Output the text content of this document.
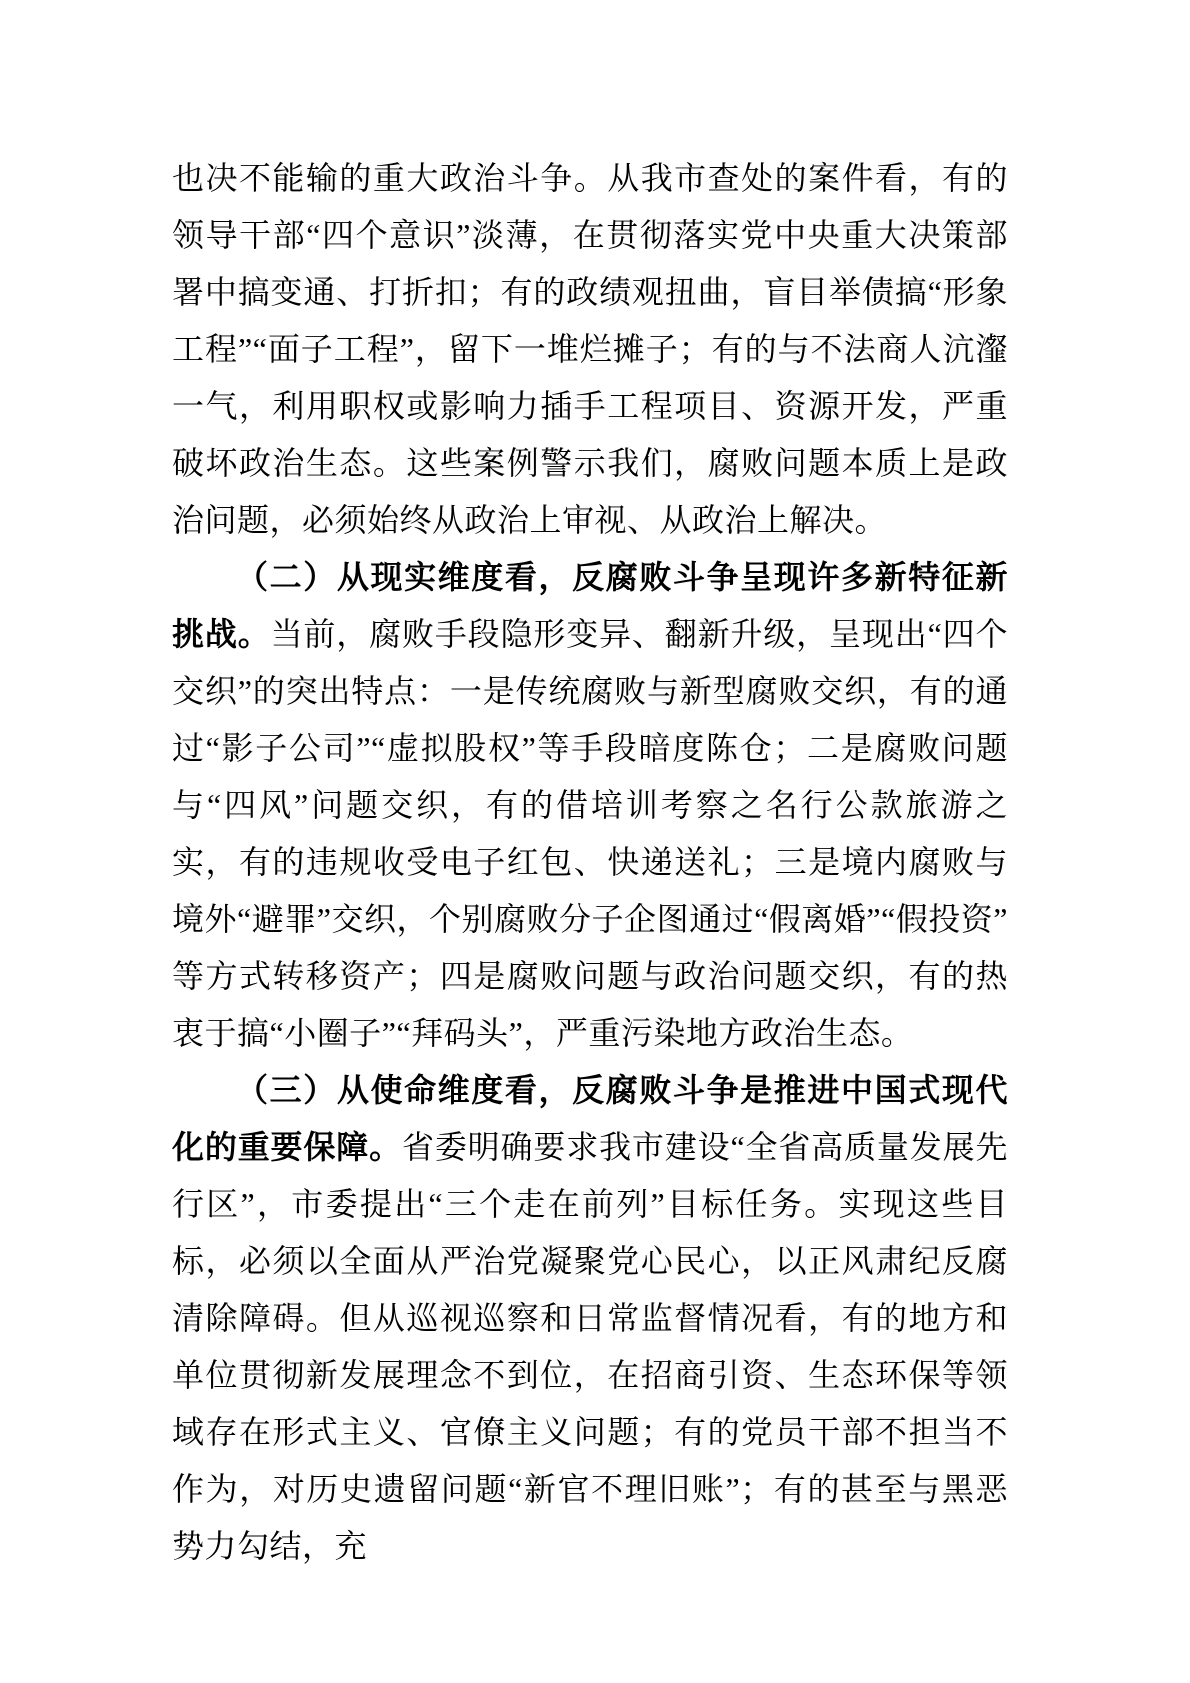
也决不能输的重大政治斗争。从我市查处的案件看，有的领导干部“四个意识”淡薄，在贯彻落实党中央重大决策部署中搞变通、打折扣；有的政绩观扭曲，盲目举债搞“形象工程”“面子工程”，留下一堆烂摊子；有的与不法商人沆瀣一气，利用职权或影响力插手工程项目、资源开发，严重破坏政治生态。这些案例警示我们，腐败问题本质上是政治问题，必须始终从政治上审视、从政治上解决。

（二）从现实维度看，反腐败斗争呈现许多新特征新挑战。当前，腐败手段隐形变异、翻新升级，呈现出“四个交织”的突出特点：一是传统腐败与新型腐败交织，有的通过“影子公司”“虚拟股权”等手段暗度陈仓；二是腐败问题与“四风”问题交织，有的借培训考察之名行公款旅游之实，有的违规收受电子红包、快递送礼；三是境内腐败与境外“避罪”交织，个别腐败分子企图通过“假离婚”“假投资”等方式转移资产；四是腐败问题与政治问题交织，有的热衷于搞“小圈子”“拜码头”，严重污染地方政治生态。

（三）从使命维度看，反腐败斗争是推进中国式现代化的重要保障。省委明确要求我市建设“全省高质量发展先行区”，市委提出“三个走在前列”目标任务。实现这些目标，必须以全面从严治党凝聚党心民心，以正风肃纪反腐清除障碍。但从巡视巡察和日常监督情况看，有的地方和单位贯彻新发展理念不到位，在招商引资、生态环保等领域存在形式主义、官僚主义问题；有的党员干部不担当不作为，对历史遗留问题“新官不理旧账”；有的甚至与黑恶势力勾结，充
